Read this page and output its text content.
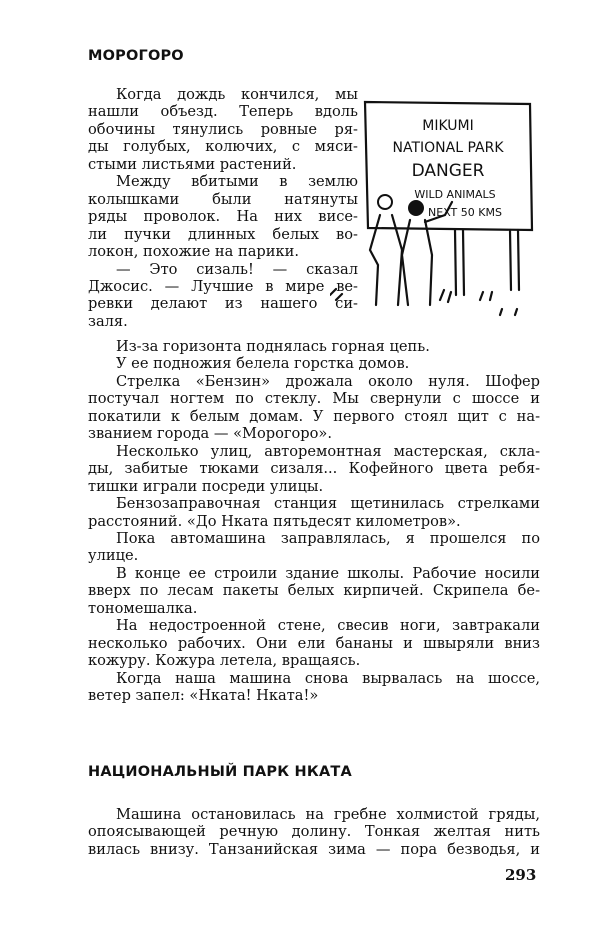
МОРОГОРО
Когда дождь кончился, мы
нашли объезд. Теперь вдоль
обочины тянулись ровные ря-
ды голубых, колючих, с мяси-
стыми листьями растений.
Между вбитыми в землю
колышками были натянуты
ряды проволок. На них висе-
ли пучки длинных белых во-
локон, похожие на парики.
— Это сизаль! — сказал
Джосис. — Лучшие в мире ве-
ревки делают из нашего си-
заля.
Из-за горизонта поднялась горная цепь.
У ее подножия белела горстка домов.
Стрелка «Бензин» дрожала около нуля. Шофер
постучал ногтем по стеклу. Мы свернули с шоссе и
покатили к белым домам. У первого стоял щит с на-
званием города — «Морогоро».
Несколько улиц, авторемонтная мастерская, скла-
ды, забитые тюками сизаля... Кофейного цвета ребя-
тишки играли посреди улицы.
Бензозаправочная станция щетинилась стрелками
расстояний. «До Нката пятьдесят километров».
Пока автомашина заправлялась, я прошелся по
улице.
В конце ее строили здание школы. Рабочие носили
вверх по лесам пакеты белых кирпичей. Скрипела бе-
тономешалка.
На недостроенной стене, свесив ноги, завтракали
несколько рабочих. Они ели бананы и швыряли вниз
кожуру. Кожура летела, вращаясь.
Когда наша машина снова вырвалась на шоссе,
ветер запел: «Нката! Нката!»
НАЦИОНАЛЬНЫЙ ПАРК НКАТА
Машина остановилась на гребне холмистой гряды,
опоясывающей речную долину. Тонкая желтая нить
вилась внизу. Танзанийская зима — пора безводья, и
293
MIKUMI
NATIONAL PARK
DANGER
WILD ANIMALS
NEXT 50 KMS
